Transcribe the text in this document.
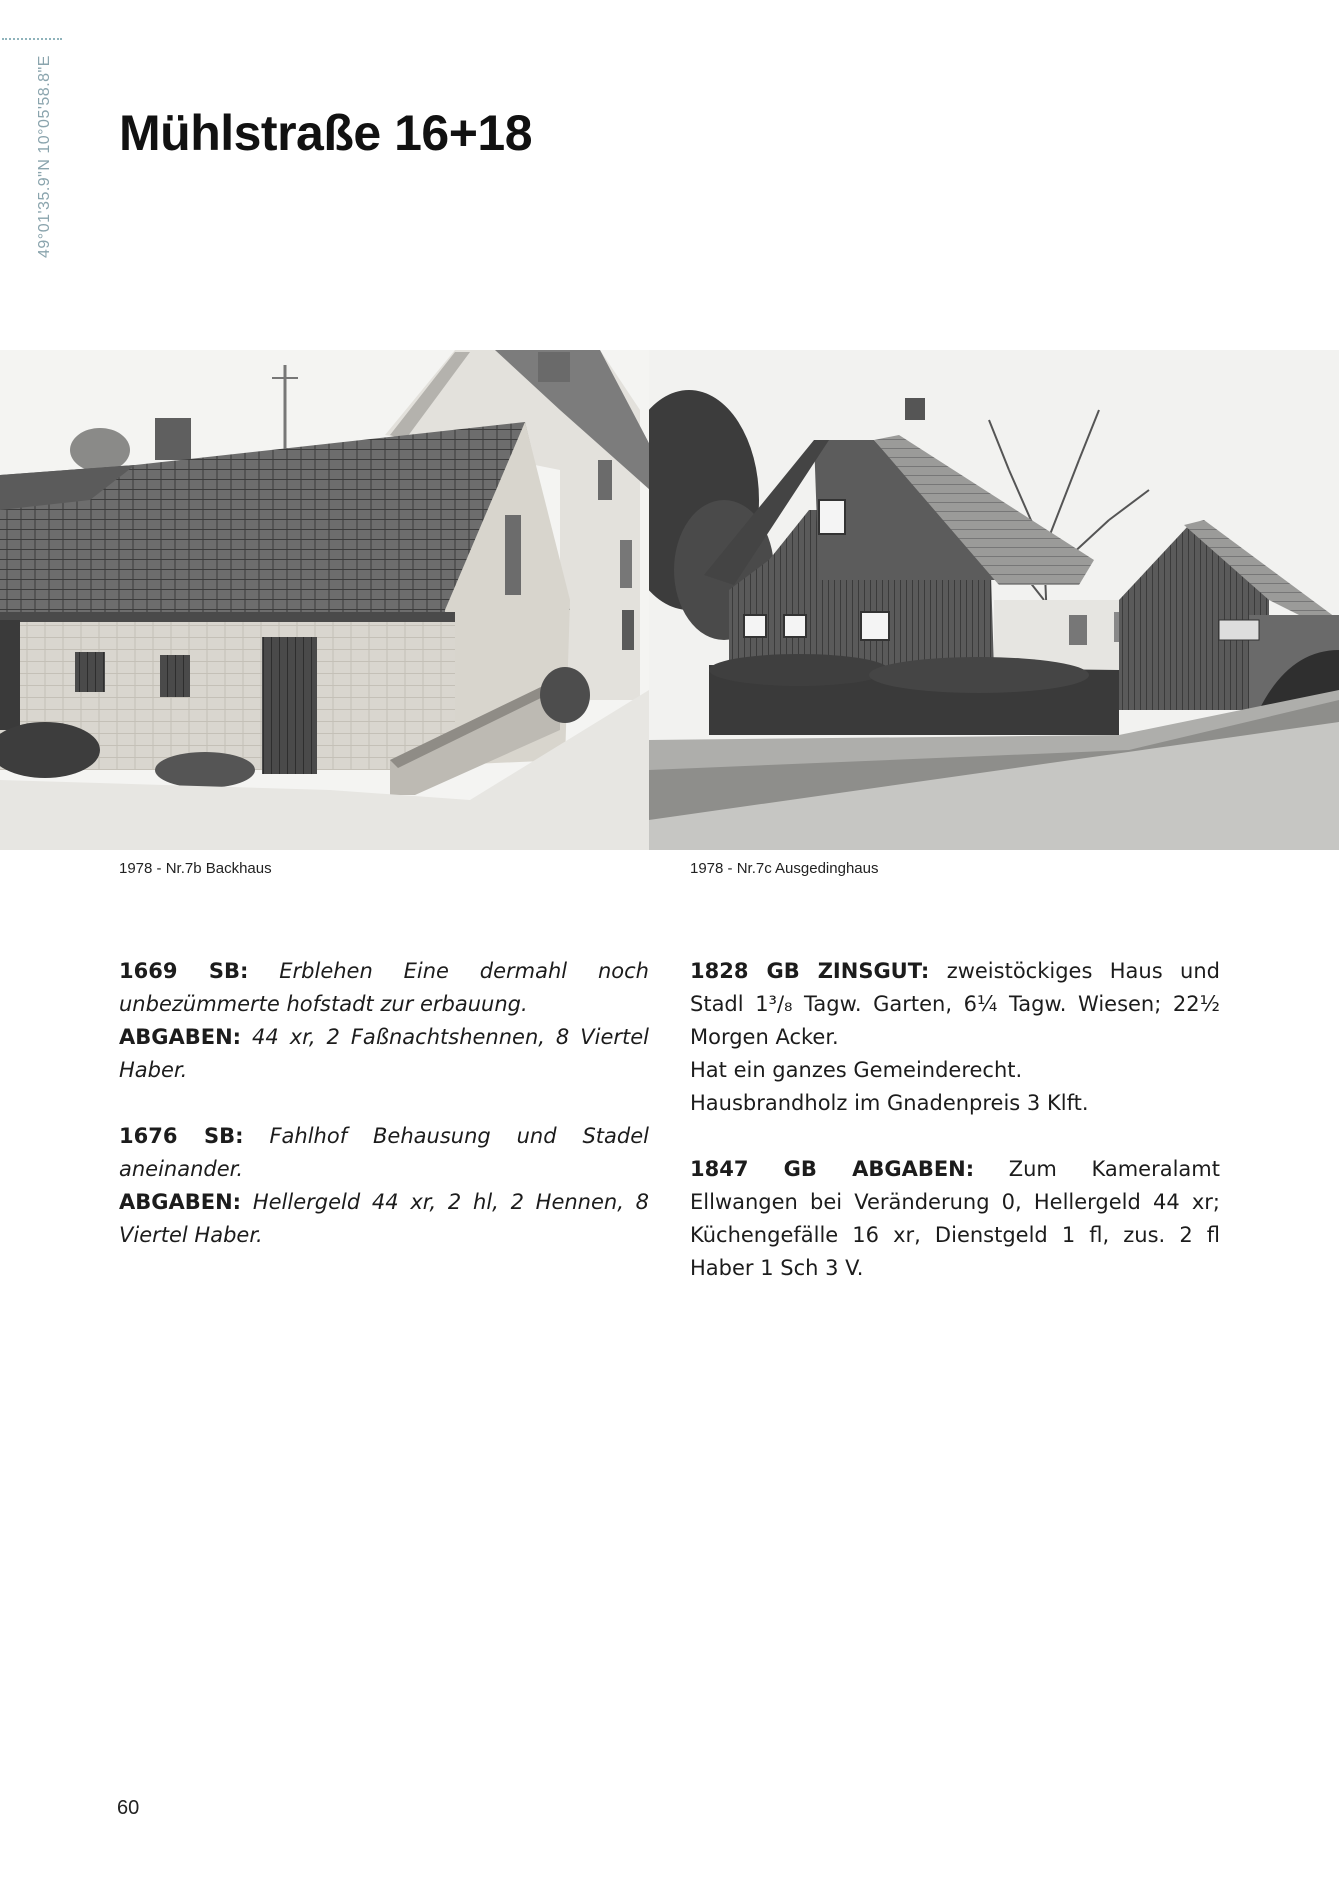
49°01'35.9"N 10°05'58.8"E Mühlstraße 16+18
1978 - Nr.7b Backhaus	1978 - Nr.7c Ausgedinghaus

1669 SB: Erblehen Eine dermahl noch unbezümmerte hofstadt zur erbauung.

ABGABEN: 44 xr, 2 Faßnachtshennen, 8 Viertel Haber.

1676 SB: Fahlhof Behausung und Stadel aneinander.

ABGABEN: Hellergeld 44 xr, 2 hl, 2 Hennen, 8 Viertel Haber.

1828 GB ZINSGUT: zweistöckiges Haus und Stadl 1³/₈ Tagw. Garten, 6¼ Tagw. Wiesen; 22½ Morgen Acker.

Hat ein ganzes Gemeinderecht.

Hausbrandholz im Gnadenpreis 3 Klft.

1847 GB ABGABEN: Zum Kameralamt Ellwangen bei Veränderung 0, Hellergeld 44 xr; Küchengefälle 16 xr, Dienstgeld 1 fl, zus. 2 fl Haber 1 Sch 3 V.

60
